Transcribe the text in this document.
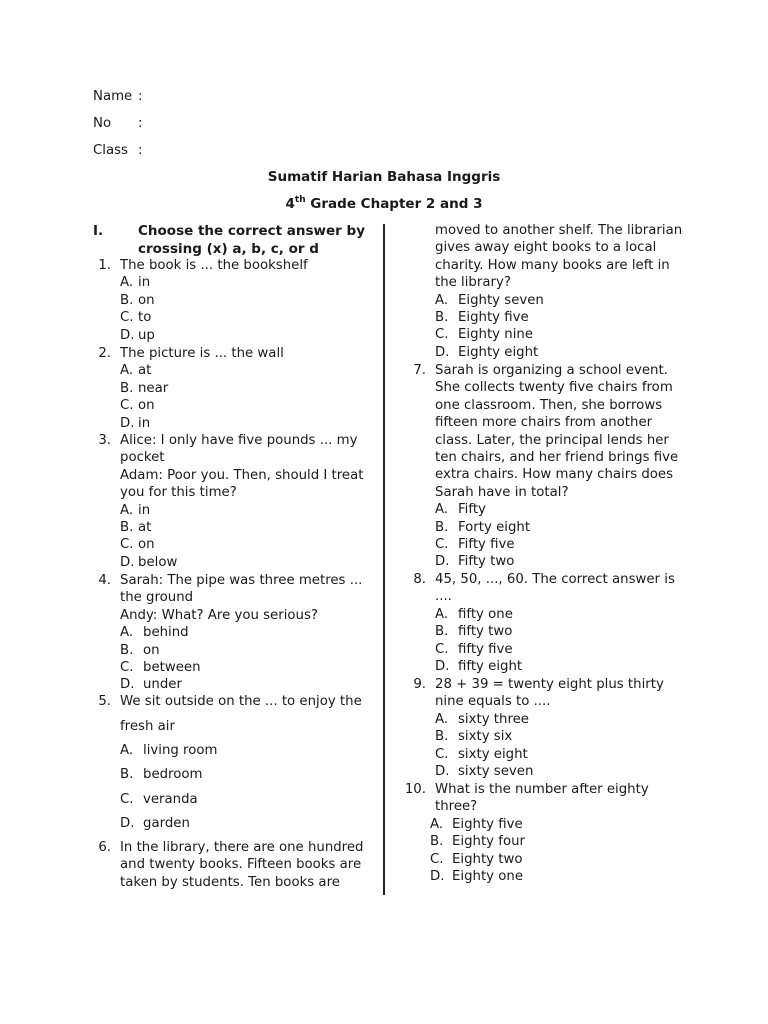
Name :
No :
Class :
Sumatif Harian Bahasa Inggris
4th Grade Chapter 2 and 3
I.	Choose the correct answer by
crossing (x) a, b, c, or d
1. The book is ... the bookshelf
A. in
B. on
C. to
D. up
2. The picture is ... the wall
A. at
B. near
C. on
D. in
3. Alice: I only have five pounds ... my
pocket
Adam: Poor you. Then, should I treat
you for this time?
A. in
B. at
C. on
D. below
4. Sarah: The pipe was three metres ...
the ground
Andy: What? Are you serious?
A. behind
B. on
C. between
D. under
5. We sit outside on the ... to enjoy the
fresh air
A. living room
B. bedroom
C. veranda
D. garden
6. In the library, there are one hundred
and twenty books. Fifteen books are
taken by students. Ten books are
moved to another shelf. The librarian
gives away eight books to a local
charity. How many books are left in
the library?
A. Eighty seven
B. Eighty five
C. Eighty nine
D. Eighty eight
7. Sarah is organizing a school event.
She collects twenty five chairs from
one classroom. Then, she borrows
fifteen more chairs from another
class. Later, the principal lends her
ten chairs, and her friend brings five
extra chairs. How many chairs does
Sarah have in total?
A. Fifty
B. Forty eight
C. Fifty five
D. Fifty two
8. 45, 50, ..., 60. The correct answer is
....
A. fifty one
B. fifty two
C. fifty five
D. fifty eight
9. 28 + 39 = twenty eight plus thirty
nine equals to ....
A. sixty three
B. sixty six
C. sixty eight
D. sixty seven
10. What is the number after eighty
three?
A. Eighty five
B. Eighty four
C. Eighty two
D. Eighty one
